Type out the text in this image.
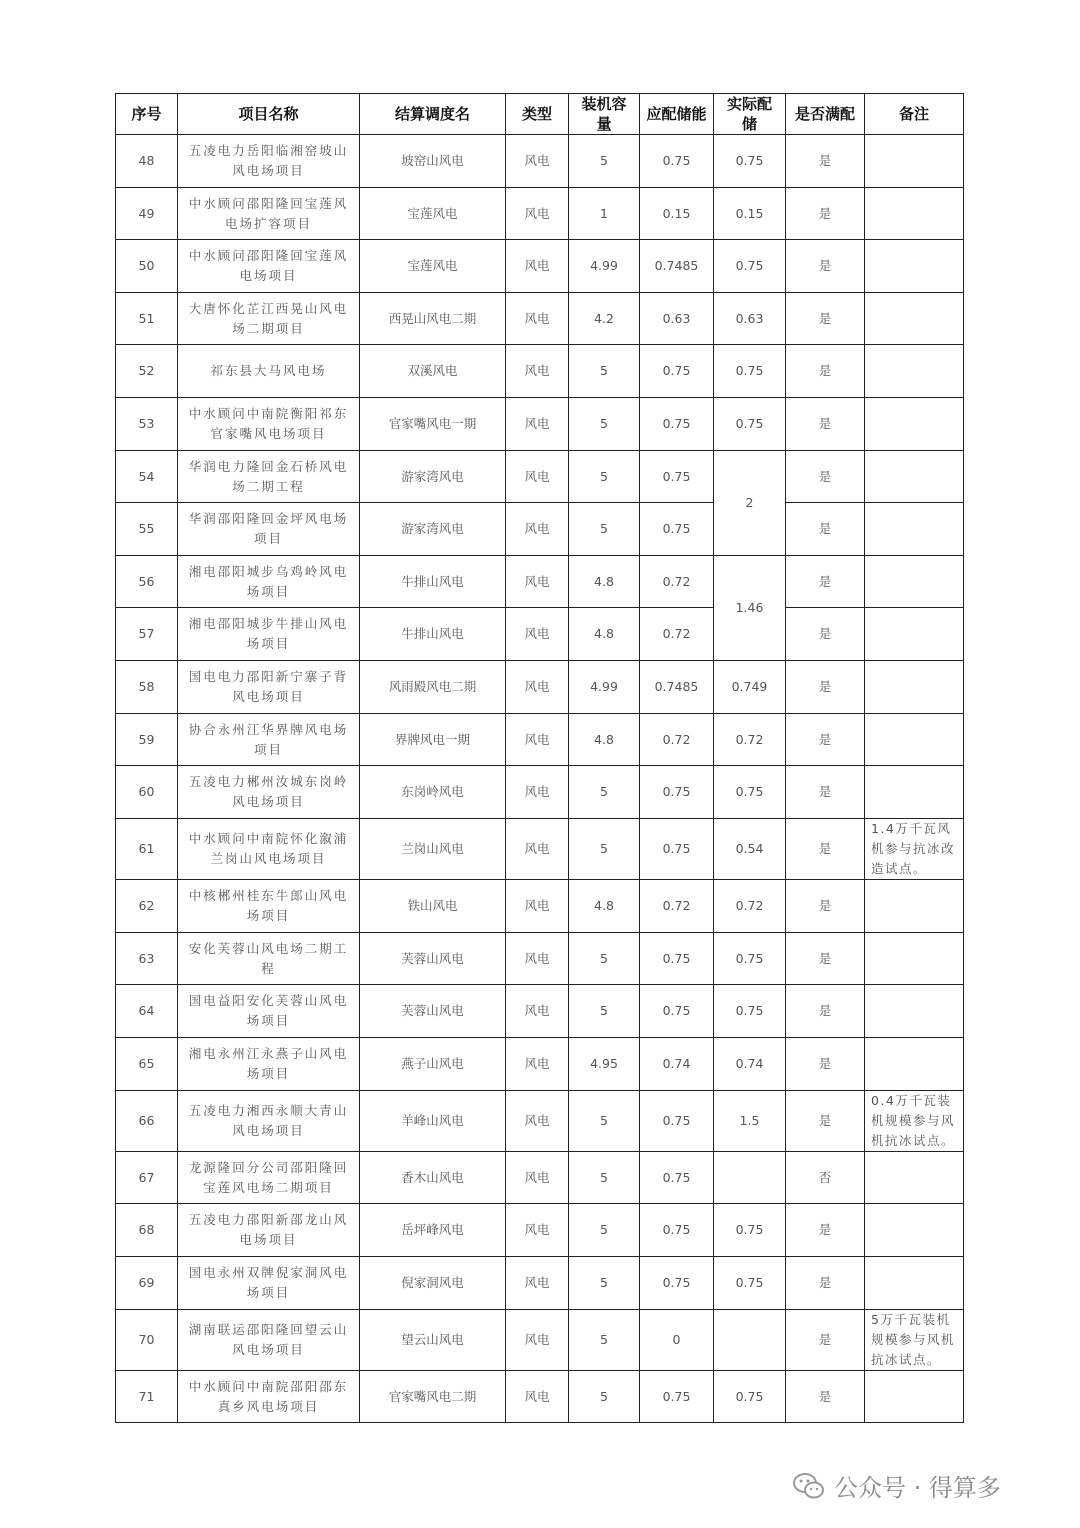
序号	项目名称	结算调度名	类型	装机容量	应配储能	实际配储	是否满配	备注
48	五凌电力岳阳临湘窑坡山风电场项目	坡窑山风电	风电	5	0.75	0.75	是	
49	中水顾问邵阳隆回宝莲风电场扩容项目	宝莲风电	风电	1	0.15	0.15	是	
50	中水顾问邵阳隆回宝莲风电场项目	宝莲风电	风电	4.99	0.7485	0.75	是	
51	大唐怀化芷江西晃山风电场二期项目	西晃山风电二期	风电	4.2	0.63	0.63	是	
52	祁东县大马风电场	双溪风电	风电	5	0.75	0.75	是	
53	中水顾问中南院衡阳祁东官家嘴风电场项目	官家嘴风电一期	风电	5	0.75	0.75	是	
54	华润电力隆回金石桥风电场二期工程	游家湾风电	风电	5	0.75	2	是	
55	华润邵阳隆回金坪风电场项目	游家湾风电	风电	5	0.75		是	
56	湘电邵阳城步乌鸡岭风电场项目	牛排山风电	风电	4.8	0.72	1.46	是	
57	湘电邵阳城步牛排山风电场项目	牛排山风电	风电	4.8	0.72		是	
58	国电电力邵阳新宁寨子背风电场项目	风雨殿风电二期	风电	4.99	0.7485	0.749	是	
59	协合永州江华界牌风电场项目	界牌风电一期	风电	4.8	0.72	0.72	是	
60	五凌电力郴州汝城东岗岭风电场项目	东岗岭风电	风电	5	0.75	0.75	是	
61	中水顾问中南院怀化溆浦兰岗山风电场项目	兰岗山风电	风电	5	0.75	0.54	是	1.4万千瓦风机参与抗冰改造试点。
62	中核郴州桂东牛郎山风电场项目	铁山风电	风电	4.8	0.72	0.72	是	
63	安化芙蓉山风电场二期工程	芙蓉山风电	风电	5	0.75	0.75	是	
64	国电益阳安化芙蓉山风电场项目	芙蓉山风电	风电	5	0.75	0.75	是	
65	湘电永州江永燕子山风电场项目	燕子山风电	风电	4.95	0.74	0.74	是	
66	五凌电力湘西永顺大青山风电场项目	羊峰山风电	风电	5	0.75	1.5	是	0.4万千瓦装机规模参与风机抗冰试点。
67	龙源隆回分公司邵阳隆回宝莲风电场二期项目	香木山风电	风电	5	0.75		否	
68	五凌电力邵阳新邵龙山风电场项目	岳坪峰风电	风电	5	0.75	0.75	是	
69	国电永州双牌倪家洞风电场项目	倪家洞风电	风电	5	0.75	0.75	是	
70	湖南联运邵阳隆回望云山风电场项目	望云山风电	风电	5	0		是	5万千瓦装机规模参与风机抗冰试点。
71	中水顾问中南院邵阳邵东真乡风电场项目	官家嘴风电二期	风电	5	0.75	0.75	是	
公众号 · 得算多
